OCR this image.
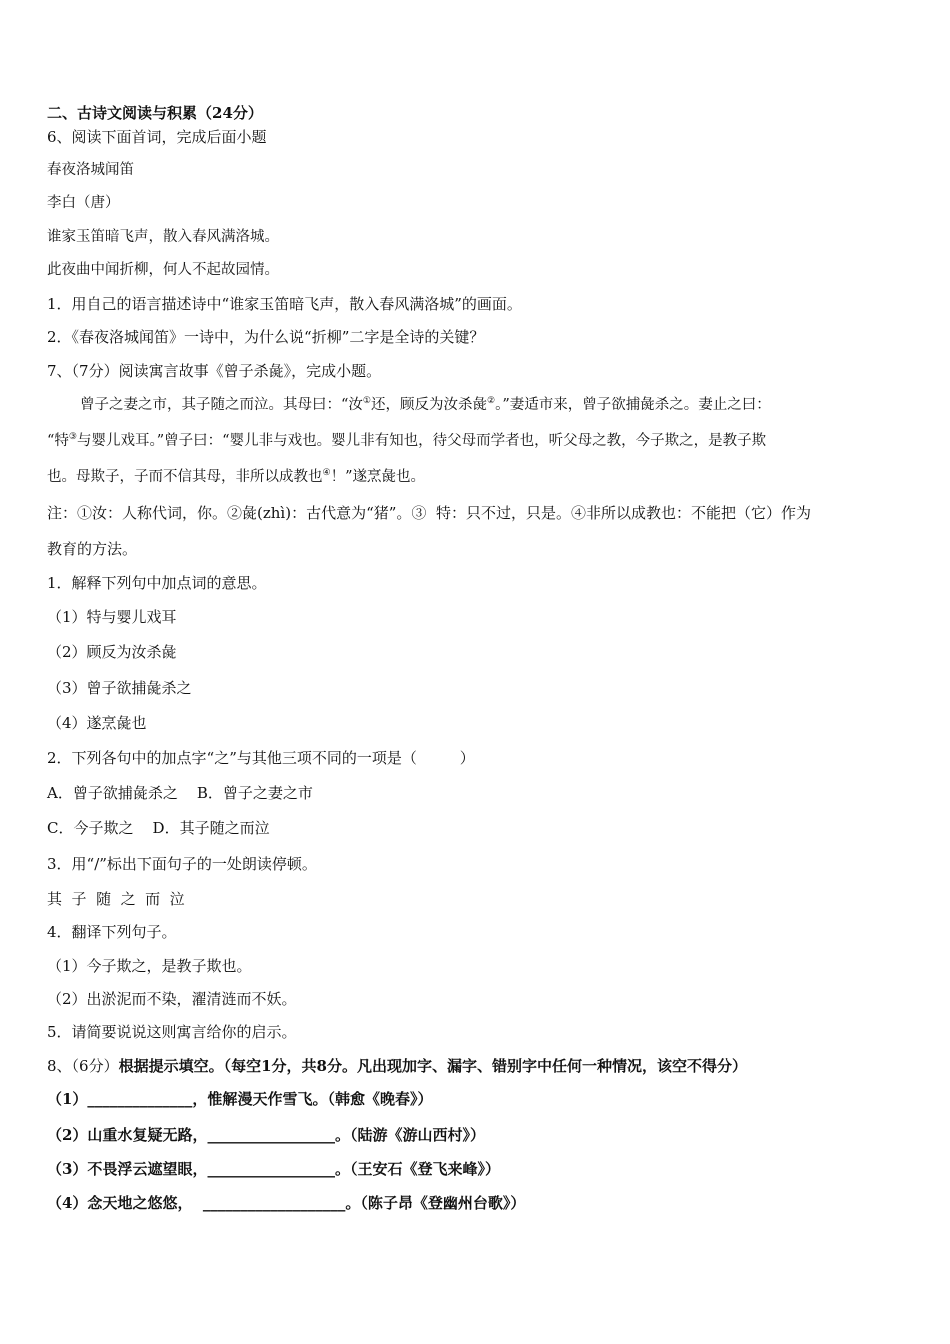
二、古诗文阅读与积累（24分）
6、阅读下面首词，完成后面小题
春夜洛城闻笛
李白（唐）
谁家玉笛暗飞声，散入春风满洛城。
此夜曲中闻折柳，何人不起故园情。
1．用自己的语言描述诗中“谁家玉笛暗飞声，散入春风满洛城”的画面。
2．《春夜洛城闻笛》一诗中，为什么说“折柳”二字是全诗的关键？
7、（7分）阅读寓言故事《曾子杀彘》，完成小题。
曾子之妻之市，其子随之而泣。其母曰：“汝①还，顾反为汝杀彘②。”妻适市来，曾子欲捕彘杀之。妻止之曰：
“特③与婴儿戏耳。”曾子曰：“婴儿非与戏也。婴儿非有知也，待父母而学者也，听父母之教，今子欺之，是教子欺
也。母欺子，子而不信其母，非所以成教也④！”遂烹彘也。
注：①汝：人称代词，你。②彘(zhì)：古代意为“猪”。③  特：只不过，只是。④非所以成教也：不能把（它）作为
教育的方法。
1．解释下列句中加点词的意思。
（1）特与婴儿戏耳
（2）顾反为汝杀彘
（3）曾子欲捕彘杀之
（4）遂烹彘也
2．下列各句中的加点字“之”与其他三项不同的一项是（         ）
A．曾子欲捕彘杀之    B．曾子之妻之市
C．今子欺之    D．其子随之而泣
3．用“/”标出下面句子的一处朗读停顿。
其  子  随  之  而  泣
4．翻译下列句子。
（1）今子欺之，是教子欺也。
（2）出淤泥而不染，濯清涟而不妖。
5．请简要说说这则寓言给你的启示。
8、（6分）根据提示填空。（每空1分，共8分。凡出现加字、漏字、错别字中任何一种情况，该空不得分）
（1）______________，惟解漫天作雪飞。（韩愈《晚春》）
（2）山重水复疑无路，_________________。（陆游《游山西村》）
（3）不畏浮云遮望眼，_________________。（王安石《登飞来峰》）
（4）念天地之悠悠，  ___________________。（陈子昂《登幽州台歌》）
